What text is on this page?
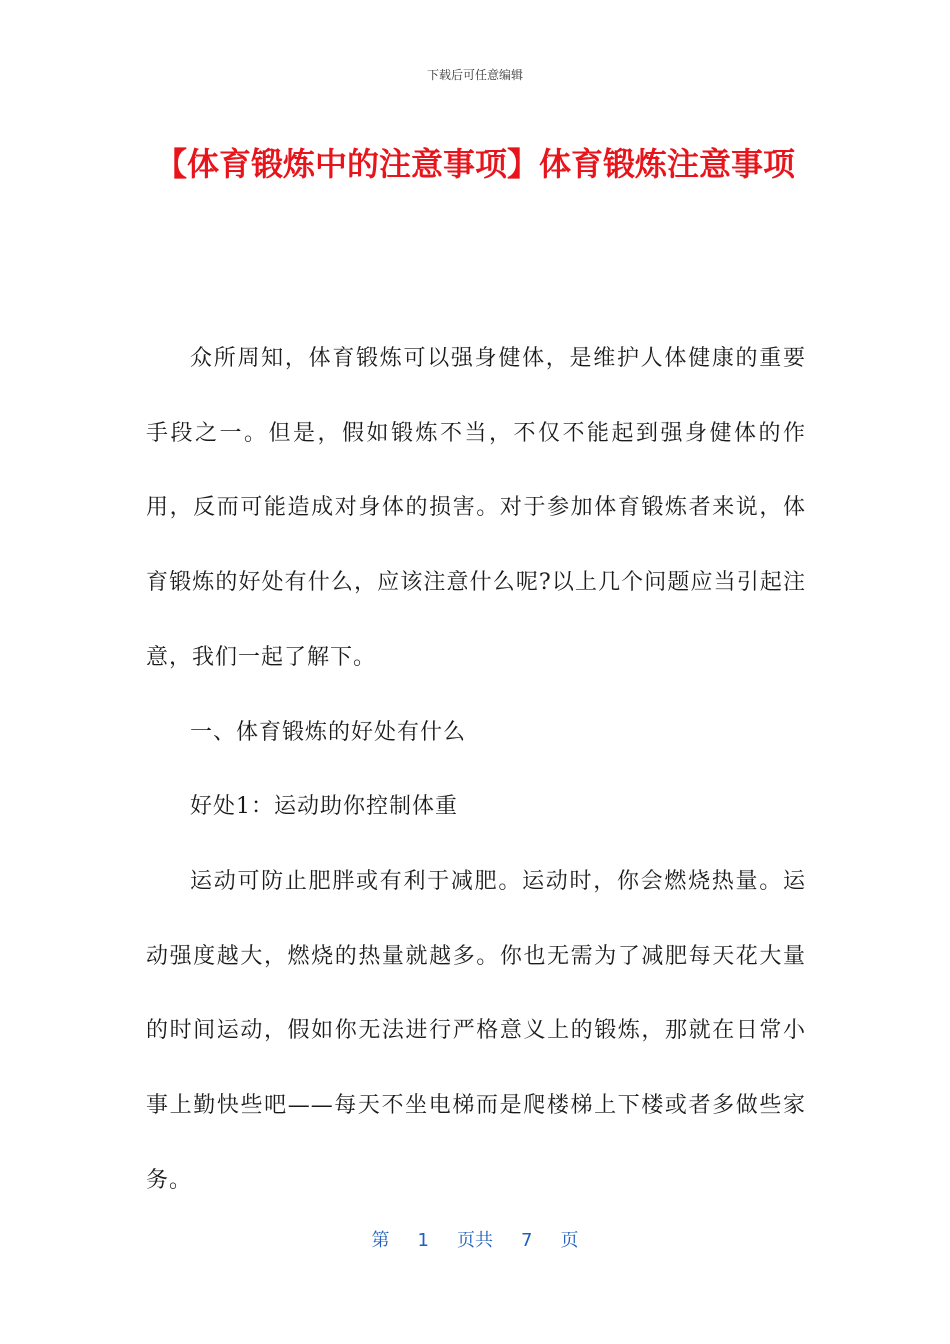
下载后可任意编辑
【体育锻炼中的注意事项】体育锻炼注意事项

众所周知，体育锻炼可以强身健体，是维护人体健康的重要手段之一。但是，假如锻炼不当，不仅不能起到强身健体的作用，反而可能造成对身体的损害。对于参加体育锻炼者来说，体育锻炼的好处有什么，应该注意什么呢?以上几个问题应当引起注意，我们一起了解下。

一、体育锻炼的好处有什么

好处1：运动助你控制体重

运动可防止肥胖或有利于减肥。运动时，你会燃烧热量。运动强度越大，燃烧的热量就越多。你也无需为了减肥每天花大量的时间运动，假如你无法进行严格意义上的锻炼，那就在日常小事上勤快些吧——每天不坐电梯而是爬楼梯上下楼或者多做些家务。

第 1 页共 7 页
